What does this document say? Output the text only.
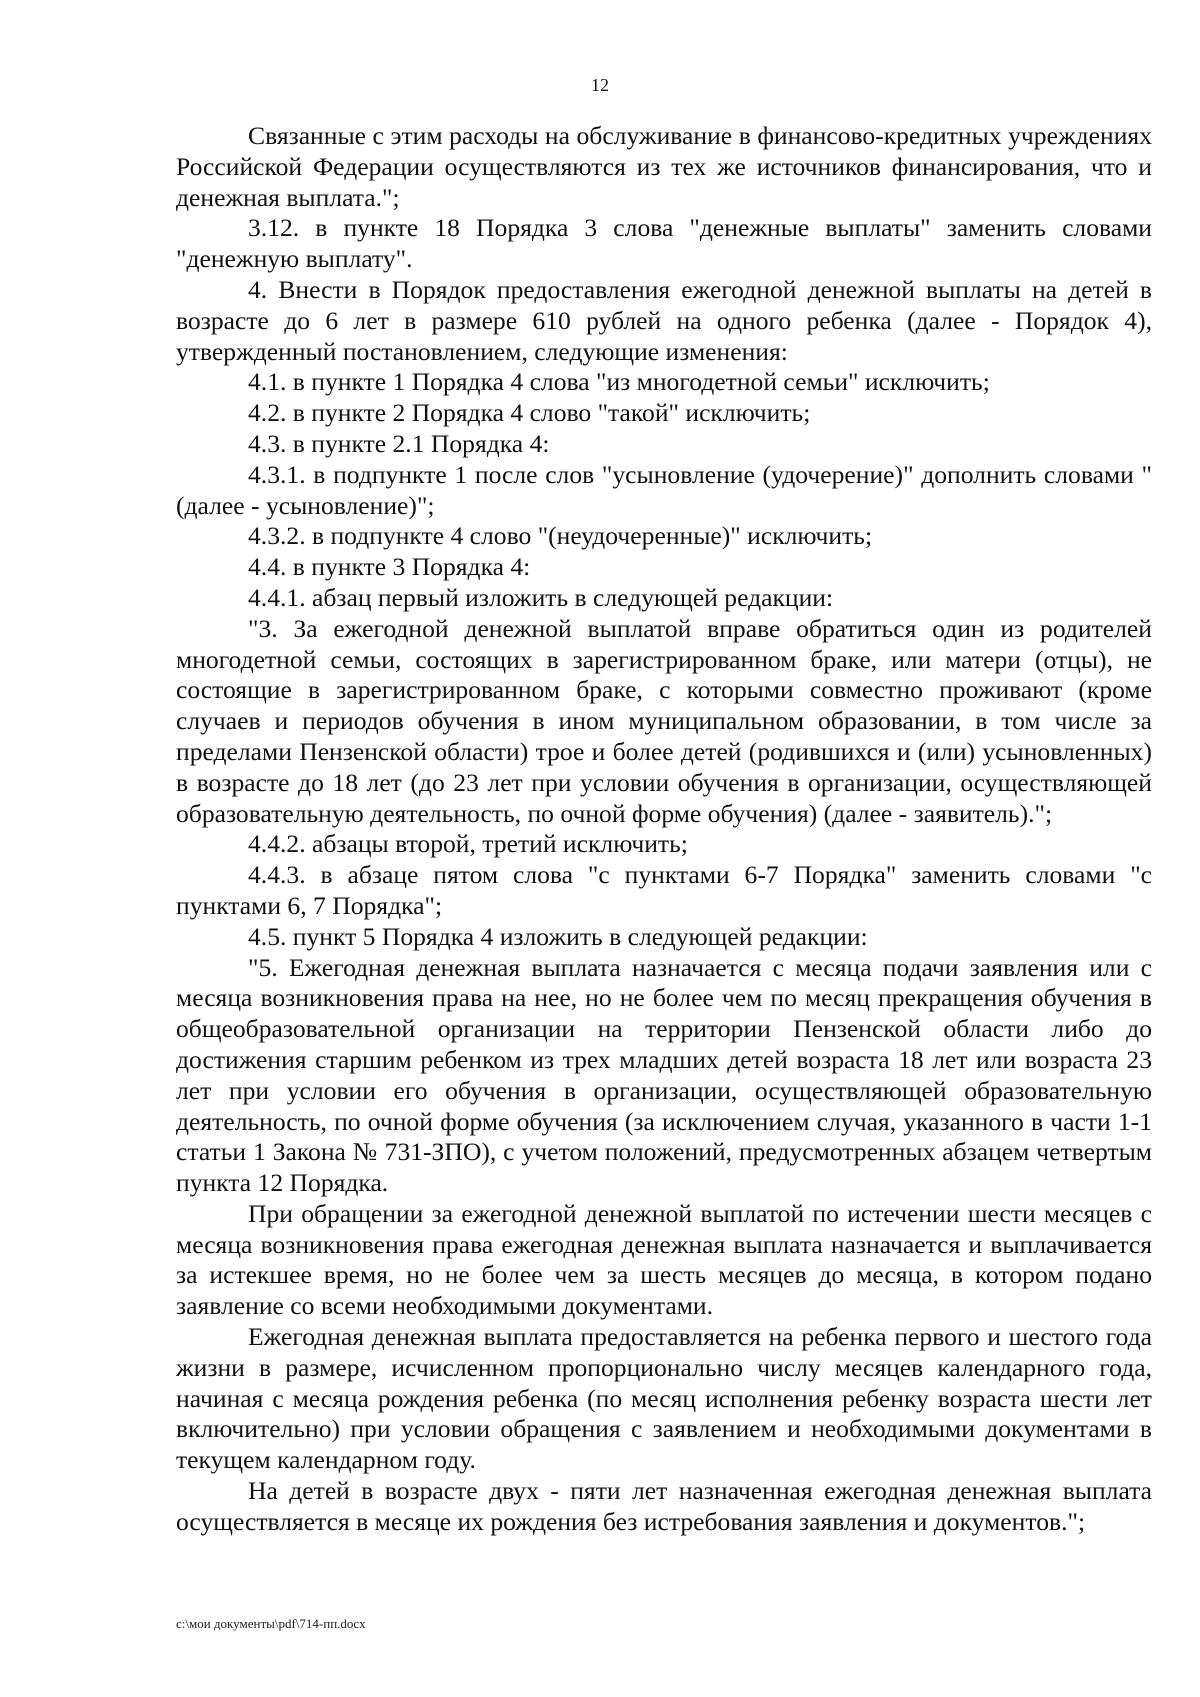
12

Связанные с этим расходы на обслуживание в финансово-кредитных учреждениях Российской Федерации осуществляются из тех же источников финансирования, что и денежная выплата.";

3.12. в пункте 18 Порядка 3 слова "денежные выплаты" заменить словами "денежную выплату".

4. Внести в Порядок предоставления ежегодной денежной выплаты на детей в возрасте до 6 лет в размере 610 рублей на одного ребенка (далее - Порядок 4), утвержденный постановлением, следующие изменения:

4.1. в пункте 1 Порядка 4 слова "из многодетной семьи" исключить;

4.2. в пункте 2 Порядка 4 слово "такой" исключить;

4.3. в пункте 2.1 Порядка 4:

4.3.1. в подпункте 1 после слов "усыновление (удочерение)" дополнить словами "(далее - усыновление)";

4.3.2. в подпункте 4 слово "(неудочеренные)" исключить;

4.4. в пункте 3 Порядка 4:

4.4.1. абзац первый изложить в следующей редакции:

"3. За ежегодной денежной выплатой вправе обратиться один из родителей многодетной семьи, состоящих в зарегистрированном браке, или матери (отцы), не состоящие в зарегистрированном браке, с которыми совместно проживают (кроме случаев и периодов обучения в ином муниципальном образовании, в том числе за пределами Пензенской области) трое и более детей (родившихся и (или) усыновленных) в возрасте до 18 лет (до 23 лет при условии обучения в организации, осуществляющей образовательную деятельность, по очной форме обучения) (далее - заявитель).";

4.4.2. абзацы второй, третий исключить;

4.4.3. в абзаце пятом слова "с пунктами 6-7 Порядка" заменить словами "с пунктами 6, 7 Порядка";

4.5. пункт 5 Порядка 4 изложить в следующей редакции:

"5. Ежегодная денежная выплата назначается с месяца подачи заявления или с месяца возникновения права на нее, но не более чем по месяц прекращения обучения в общеобразовательной организации на территории Пензенской области либо до достижения старшим ребенком из трех младших детей возраста 18 лет или возраста 23 лет при условии его обучения в организации, осуществляющей образовательную деятельность, по очной форме обучения (за исключением случая, указанного в части 1-1 статьи 1 Закона № 731-ЗПО), с учетом положений, предусмотренных абзацем четвертым пункта 12 Порядка.

При обращении за ежегодной денежной выплатой по истечении шести месяцев с месяца возникновения права ежегодная денежная выплата назначается и выплачивается за истекшее время, но не более чем за шесть месяцев до месяца, в котором подано заявление со всеми необходимыми документами.

Ежегодная денежная выплата предоставляется на ребенка первого и шестого года жизни в размере, исчисленном пропорционально числу месяцев календарного года, начиная с месяца рождения ребенка (по месяц исполнения ребенку возраста шести лет включительно) при условии обращения с заявлением и необходимыми документами в текущем календарном году.

На детей в возрасте двух - пяти лет назначенная ежегодная денежная выплата осуществляется в месяце их рождения без истребования заявления и документов.";

c:\мои документы\pdf\714-пп.docx
